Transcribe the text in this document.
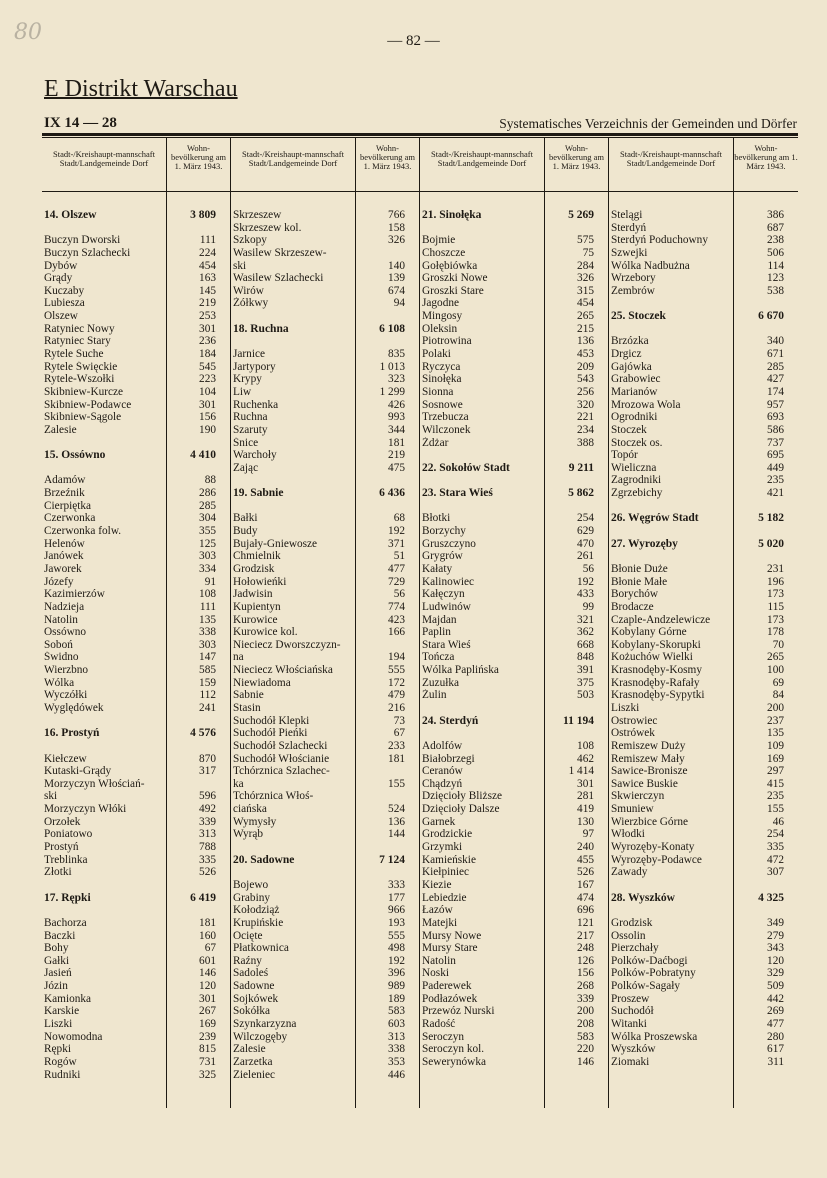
80	— 82 —
E Distrikt Warschau
IX 14 — 28	Systematisches Verzeichnis der Gemeinden und Dörfer
Stadt-/Kreishaupt-mannschaft Stadt/Landgemeinde Dorf
Wohn-bevölkerung am 1. März 1943.
14. Olszew	3 809
Buczyn Dworski	111
Buczyn Szlachecki	224
Dybów	454
Grądy	163
Kuczaby	145
Lubiesza	219
Olszew	253
Ratyniec Nowy	301
Ratyniec Stary	236
Rytele Suche	184
Rytele Święckie	545
Rytele-Wszołki	223
Skibniew-Kurcze	104
Skibniew-Podawce	301
Skibniew-Sągole	156
Zalesie	190
15. Ossówno	4 410
Adamów	88
Brzeźnik	286
Cierpiętka	285
Czerwonka	304
Czerwonka folw.	355
Helenów	125
Janówek	303
Jaworek	334
Józefy	91
Kazimierzów	108
Nadzieja	111
Natolin	135
Ossówno	338
Soboń	303
Świdno	147
Wierzbno	585
Wólka	159
Wyczółki	112
Wyględówek	241
16. Prostyń	4 576
Kiełczew	870
Kutaski-Grądy	317
Morzyczyn Włościań-
ski	596
Morzyczyn Włóki	492
Orzołek	339
Poniatowo	313
Prostyń	788
Treblinka	335
Złotki	526
17. Rępki	6 419
Bachorza	181
Baczki	160
Bohy	67
Gałki	601
Jasień	146
Józin	120
Kamionka	301
Karskie	267
Liszki	169
Nowomodna	239
Rępki	815
Rogów	731
Rudniki	325
Stadt-/Kreishaupt-mannschaft Stadt/Landgemeinde Dorf
Wohn-bevölkerung am 1. März 1943.
Skrzeszew	766
Skrzeszew kol.	158
Szkopy	326
Wasilew Skrzeszew-
ski	140
Wasilew Szlachecki	139
Wirów	674
Żółkwy	94
18. Ruchna	6 108
Jarnice	835
Jartypory	1 013
Krypy	323
Liw	1 299
Ruchenka	426
Ruchna	993
Szaruty	344
Śnice	181
Warchoły	219
Zając	475
19. Sabnie	6 436
Bałki	68
Budy	192
Bujały-Gniewosze	371
Chmielnik	51
Grodzisk	477
Hołowieńki	729
Jadwisin	56
Kupientyn	774
Kurowice	423
Kurowice kol.	166
Nieciecz Dworszczyzn-
na	194
Nieciecz Włościańska	555
Niewiadoma	172
Sabnie	479
Stasin	216
Suchodół Klepki	73
Suchodół Pieńki	67
Suchodół Szlachecki	233
Suchodół Włościanie	181
Tchórznica Szlachec-
ka	155
Tchórznica Włoś-
ciańska	524
Wymysły	136
Wyrąb	144
20. Sadowne	7 124
Bojewo	333
Grabiny	177
Kołodziąż	966
Krupińskie	193
Ocięte	555
Płatkownica	498
Raźny	192
Sadoleś	396
Sadowne	989
Sojkówek	189
Sokółka	583
Szynkarzyzna	603
Wilczogęby	313
Zalesie	338
Zarzetka	353
Zieleniec	446
Stadt-/Kreishaupt-mannschaft Stadt/Landgemeinde Dorf
Wohn-bevölkerung am 1. März 1943.
21. Sinołęka	5 269
Bojmie	575
Choszcze	75
Gołębiówka	284
Groszki Nowe	326
Groszki Stare	315
Jagodne	454
Mingosy	265
Oleksin	215
Piotrowina	136
Polaki	453
Ryczyca	209
Sinołęka	543
Sionna	256
Sosnowe	320
Trzebucza	221
Wilczonek	234
Żdżar	388
22. Sokołów Stadt	9 211
23. Stara Wieś	5 862
Błotki	254
Borzychy	629
Gruszczyno	470
Grygrów	261
Kałaty	56
Kalinowiec	192
Kałęczyn	433
Ludwinów	99
Majdan	321
Paplin	362
Stara Wieś	668
Tończa	848
Wólka Paplińska	391
Zuzułka	375
Żulin	503
24. Sterdyń	11 194
Adolfów	108
Białobrzegi	462
Ceranów	1 414
Chądzyń	301
Dzięcioły Bliższe	281
Dzięcioły Dalsze	419
Garnek	130
Grodzickie	97
Grzymki	240
Kamieńskie	455
Kiełpiniec	526
Kiezie	167
Lebiedzie	474
Łazów	696
Matejki	121
Mursy Nowe	217
Mursy Stare	248
Natolin	126
Noski	156
Paderewek	268
Podłazówek	339
Przewóz Nurski	200
Radość	208
Seroczyn	583
Seroczyn kol.	220
Sewerynówka	146
Stadt-/Kreishaupt-mannschaft Stadt/Landgemeinde Dorf
Wohn-bevölkerung am 1. März 1943.
Stelągi	386
Sterdyń	687
Sterdyń Poduchowny	238
Szwejki	506
Wólka Nadbużna	114
Wrzebory	123
Zembrów	538
25. Stoczek	6 670
Brzózka	340
Drgicz	671
Gajówka	285
Grabowiec	427
Marianów	174
Mrozowa Wola	957
Ogrodniki	693
Stoczek	586
Stoczek os.	737
Topór	695
Wieliczna	449
Zagrodniki	235
Zgrzebichy	421
26. Węgrów Stadt	5 182
27. Wyrozęby	5 020
Błonie Duże	231
Błonie Małe	196
Borychów	173
Brodacze	115
Czaple-Andzelewicze	173
Kobylany Górne	178
Kobylany-Skorupki	70
Kożuchów Wielki	265
Krasnodęby-Kosmy	100
Krasnodęby-Rafały	69
Krasnodęby-Sypytki	84
Liszki	200
Ostrowiec	237
Ostrówek	135
Remiszew Duży	109
Remiszew Mały	169
Sawice-Bronisze	297
Sawice Buskie	415
Skwierczyn	235
Smuniew	155
Wierzbice Górne	46
Włodki	254
Wyrozęby-Konaty	335
Wyrozęby-Podawce	472
Zawady	307
28. Wyszków	4 325
Grodzisk	349
Ossolin	279
Pierzchały	343
Polków-Daćbogi	120
Polków-Pobratyny	329
Polków-Sagały	509
Proszew	442
Suchodół	269
Witanki	477
Wólka Proszewska	280
Wyszków	617
Ziomaki	311
